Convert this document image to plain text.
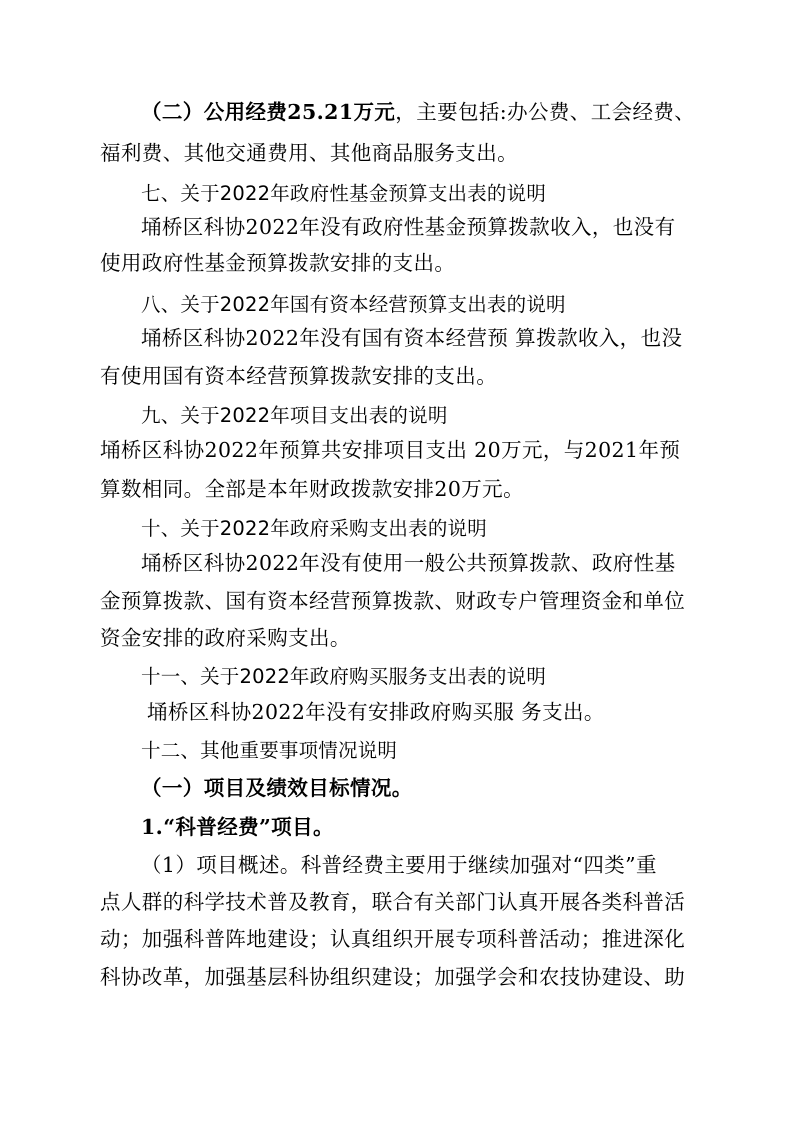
（二）公用经费25.21万元，主要包括:办公费、工会经费、
福利费、其他交通费用、其他商品服务支出。
七、关于2022年政府性基金预算支出表的说明
埇桥区科协2022年没有政府性基金预算拨款收入，也没有
使用政府性基金预算拨款安排的支出。
八、关于2022年国有资本经营预算支出表的说明
埇桥区科协2022年没有国有资本经营预 算拨款收入，也没
有使用国有资本经营预算拨款安排的支出。
九、关于2022年项目支出表的说明
埇桥区科协2022年预算共安排项目支出 20万元，与2021年预
算数相同。全部是本年财政拨款安排20万元。
十、关于2022年政府采购支出表的说明
埇桥区科协2022年没有使用一般公共预算拨款、政府性基
金预算拨款、国有资本经营预算拨款、财政专户管理资金和单位
资金安排的政府采购支出。
十一、关于2022年政府购买服务支出表的说明
埇桥区科协2022年没有安排政府购买服 务支出。
十二、其他重要事项情况说明
（一）项目及绩效目标情况。
1.“科普经费”项目。
（1）项目概述。科普经费主要用于继续加强对“四类”重
点人群的科学技术普及教育，联合有关部门认真开展各类科普活
动；加强科普阵地建设；认真组织开展专项科普活动；推进深化
科协改革，加强基层科协组织建设；加强学会和农技协建设、助
